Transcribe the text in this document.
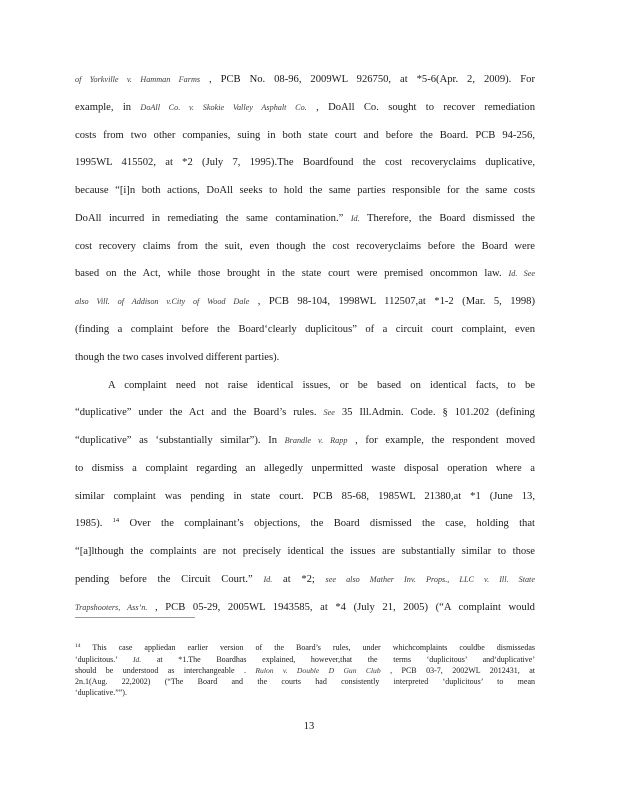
of Yorkville v. Hamman Farms , PCB No. 08-96, 2009WL 926750, at *5-6(Apr. 2, 2009). For
example, in DoAll Co. v. Skokie Valley Asphalt Co. , DoAll Co. sought to recover remediation
costs from two other companies, suing in both state court and before the Board. PCB 94-256,
1995WL 415502, at *2 (July 7, 1995).The Boardfound the cost recoveryclaims duplicative,
because “[i]n both actions, DoAll seeks to hold the same parties responsible for the same costs
DoAll incurred in remediating the same contamination.” Id. Therefore, the Board dismissed the
cost recovery claims from the suit, even though the cost recoveryclaims before the Board were
based on the Act, while those brought in the state court were premised oncommon law. Id. See
also Vill. of Addison v.City of Wood Dale , PCB 98-104, 1998WL 112507,at *1-2 (Mar. 5, 1998)
(finding a complaint before the Board‘clearly duplicitous” of a circuit court complaint, even
though the two cases involved different parties).
A complaint need not raise identical issues, or be based on identical facts, to be
“duplicative” under the Act and the Board’s rules. See 35 Ill.Admin. Code. § 101.202 (defining
“duplicative” as ‘substantially similar”). In Brandle v. Rapp , for example, the respondent moved
to dismiss a complaint regarding an allegedly unpermitted waste disposal operation where a
similar complaint was pending in state court. PCB 85-68, 1985WL 21380,at *1 (June 13,
1985). $^{14}$ Over the complainant’s objections, the Board dismissed the case, holding that
“[a]lthough the complaints are not precisely identical the issues are substantially similar to those
pending before the Circuit Court.” Id. at *2; see also Mather Inv. Props., LLC v. Ill. State
Trapshooters, Ass’n. , PCB 05-29, 2005WL 1943585, at *4 (July 21, 2005) (“A complaint would
$^{14}$ This case appliedan earlier version of the Board’s rules, under whichcomplaints couldbe dismissedas
‘duplicitous.’ Id. at *1.The Boardhas explained, however,that the terms ‘duplicitous’ and‘duplicative’
should be understood as interchangeable . Rulon v. Double D Gun Club , PCB 03-7, 2002WL 2012431, at
2n.1(Aug. 22,2002) (“The Board and the courts had consistently interpreted ‘duplicitous’ to mean
‘duplicative.””).
13
